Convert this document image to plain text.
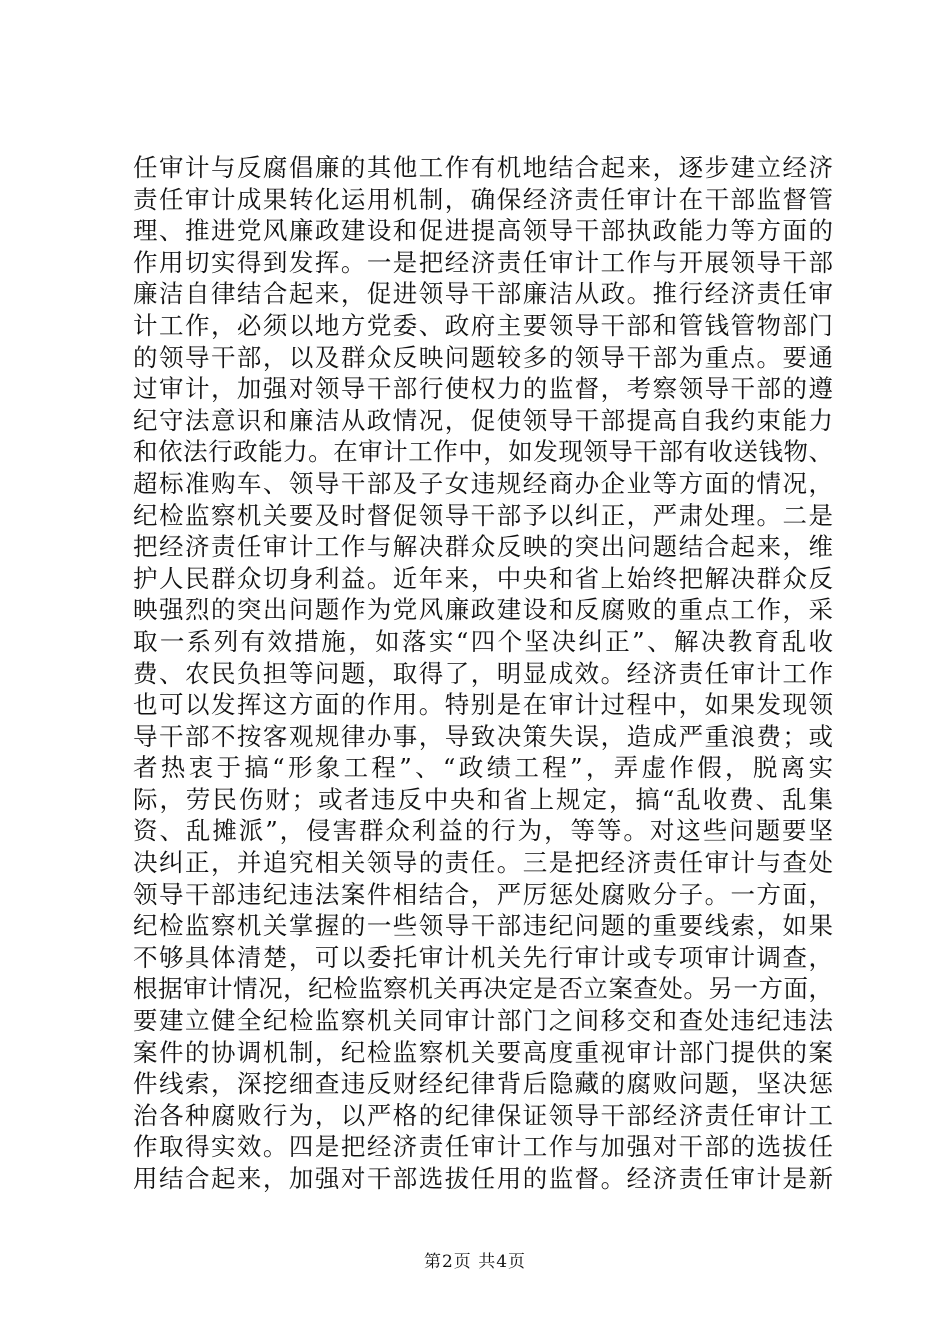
任审计与反腐倡廉的其他工作有机地结合起来，逐步建立经济
责任审计成果转化运用机制，确保经济责任审计在干部监督管
理、推进党风廉政建设和促进提高领导干部执政能力等方面的
作用切实得到发挥。一是把经济责任审计工作与开展领导干部
廉洁自律结合起来，促进领导干部廉洁从政。推行经济责任审
计工作，必须以地方党委、政府主要领导干部和管钱管物部门
的领导干部，以及群众反映问题较多的领导干部为重点。要通
过审计，加强对领导干部行使权力的监督，考察领导干部的遵
纪守法意识和廉洁从政情况，促使领导干部提高自我约束能力
和依法行政能力。在审计工作中，如发现领导干部有收送钱物、
超标准购车、领导干部及子女违规经商办企业等方面的情况，
纪检监察机关要及时督促领导干部予以纠正，严肃处理。二是
把经济责任审计工作与解决群众反映的突出问题结合起来，维
护人民群众切身利益。近年来，中央和省上始终把解决群众反
映强烈的突出问题作为党风廉政建设和反腐败的重点工作，采
取一系列有效措施，如落实“四个坚决纠正”、解决教育乱收
费、农民负担等问题，取得了，明显成效。经济责任审计工作
也可以发挥这方面的作用。特别是在审计过程中，如果发现领
导干部不按客观规律办事，导致决策失误，造成严重浪费；或
者热衷于搞“形象工程”、“政绩工程”，弄虚作假，脱离实
际，劳民伤财；或者违反中央和省上规定，搞“乱收费、乱集
资、乱摊派”，侵害群众利益的行为，等等。对这些问题要坚
决纠正，并追究相关领导的责任。三是把经济责任审计与查处
领导干部违纪违法案件相结合，严厉惩处腐败分子。一方面，
纪检监察机关掌握的一些领导干部违纪问题的重要线索，如果
不够具体清楚，可以委托审计机关先行审计或专项审计调查，
根据审计情况，纪检监察机关再决定是否立案查处。另一方面，
要建立健全纪检监察机关同审计部门之间移交和查处违纪违法
案件的协调机制，纪检监察机关要高度重视审计部门提供的案
件线索，深挖细查违反财经纪律背后隐藏的腐败问题，坚决惩
治各种腐败行为，以严格的纪律保证领导干部经济责任审计工
作取得实效。四是把经济责任审计工作与加强对干部的选拔任
用结合起来，加强对干部选拔任用的监督。经济责任审计是新
第2页 共4页
